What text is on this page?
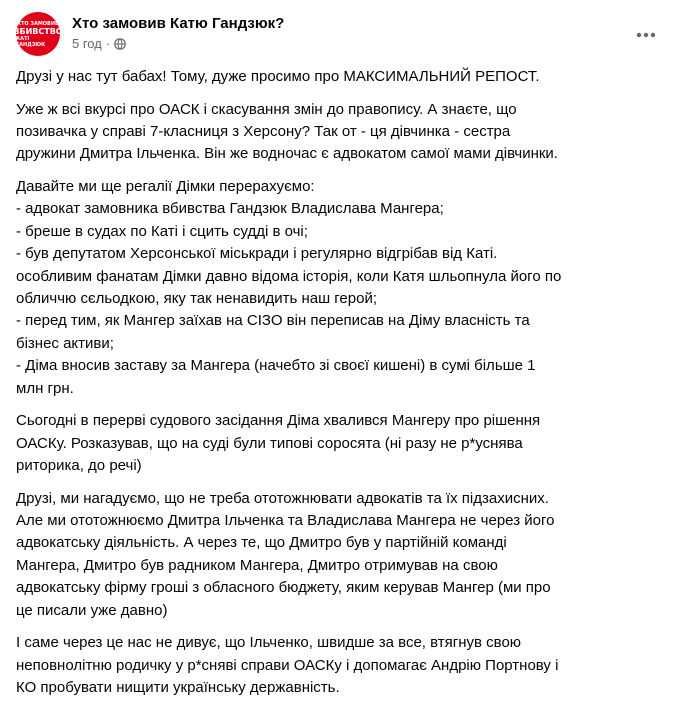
ХТО ЗАМОВИВ
ВБИВСТВО
КАТІ ГАНДЗЮК
Хто замовив Катю Гандзюк?
5 год ·

Друзі у нас тут бабах! Тому, дуже просимо про МАКСИМАЛЬНИЙ РЕПОСТ.

Уже ж всі вкурсі про ОАСК і скасування змін до правопису. А знаєте, що
позивачка у справі 7-класниця з Херсону? Так от - ця дівчинка - сестра
дружини Дмитра Ільченка. Він же водночас є адвокатом самої мами дівчинки.

Давайте ми ще регалії Дімки перерахуємо:
- адвокат замовника вбивства Гандзюк Владислава Мангера;
- бреше в судах по Каті і сцить судді в очі;
- був депутатом Херсонської міськради і регулярно відгрібав від Каті.
особливим фанатам Дімки давно відома історія, коли Катя шльопнула його по
обличчю сєльодкою, яку так ненавидить наш герой;
- перед тим, як Мангер заїхав на СІЗО він переписав на Діму власність та
бізнес активи;
- Діма вносив заставу за Мангера (начебто зі своєї кишені) в сумі більше 1
млн грн.

Сьогодні в перерві судового засідання Діма хвалився Мангеру про рішення
ОАСКу. Розказував, що на суді були типові соросята (ні разу не р*уснява
риторика, до речі)

Друзі, ми нагадуємо, що не треба ототожнювати адвокатів та їх підзахисних.
Але ми ототожнюємо Дмитра Ільченка та Владислава Мангера не через його
адвокатську діяльність. А через те, що Дмитро був у партійній команді
Мангера, Дмитро був радником Мангера, Дмитро отримував на свою
адвокатську фірму гроші з обласного бюджету, яким керував Мангер (ми про
це писали уже давно)

І саме через це нас не дивує, що Ільченко, швидше за все, втягнув свою
неповнолітню родичку у р*сняві справи ОАСКу і допомагає Андрію Портнову і
КО пробувати нищити українську державність.
